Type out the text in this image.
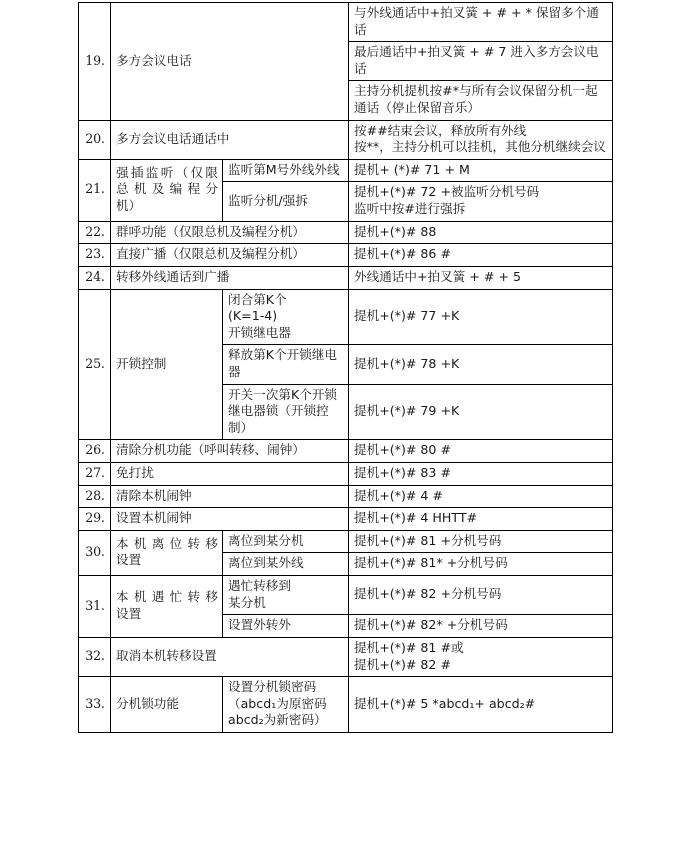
19.	多方会议电话		与外线通话中+拍叉簧 + # + * 保留多个通话
			最后通话中+拍叉簧 + # 7 进入多方会议电话
			主持分机提机按#*与所有会议保留分机一起通话（停止保留音乐）
20.	多方会议电话通话中		按##结束会议，释放所有外线
按**，主持分机可以挂机，其他分机继续会议

21.	强插监听（仅限
总机及编程分
机）	监听第M号外线外线	提机+ (*)# 71 + M
		监听分机/强拆	提机+(*)# 72 +被监听分机号码
监听中按#进行强拆

22.	群呼功能（仅限总机及编程分机）		提机+(*)# 88
23.	直接广播（仅限总机及编程分机）		提机+(*)# 86 #
24.	转移外线通话到广播		外线通话中+拍叉簧 + # + 5
25.	开锁控制	闭合第K个
(K=1-4)
开锁继电器	提机+(*)# 77 +K
		释放第K个开锁继电器	提机+(*)# 78 +K
		开关一次第K个开锁继电器锁（开锁控制）	提机+(*)# 79 +K
26.	清除分机功能（呼叫转移、闹钟）		提机+(*)# 80 #
27.	免打扰		提机+(*)# 83 #
28.	清除本机闹钟		提机+(*)# 4 #
29.	设置本机闹钟		提机+(*)# 4 HHTT#
30.	本机离位转移
设置	离位到某分机	提机+(*)# 81 +分机号码
		离位到某外线	提机+(*)# 81* +分机号码
31.	本机遇忙转移
设置	遇忙转移到
某分机	提机+(*)# 82 +分机号码
		设置外转外	提机+(*)# 82* +分机号码
32.	取消本机转移设置		提机+(*)# 81 #或
提机+(*)# 82 #

33.	分机锁功能	设置分机锁密码（abcd₁为原密码abcd₂为新密码）	提机+(*)# 5 *abcd₁+ abcd₂#
